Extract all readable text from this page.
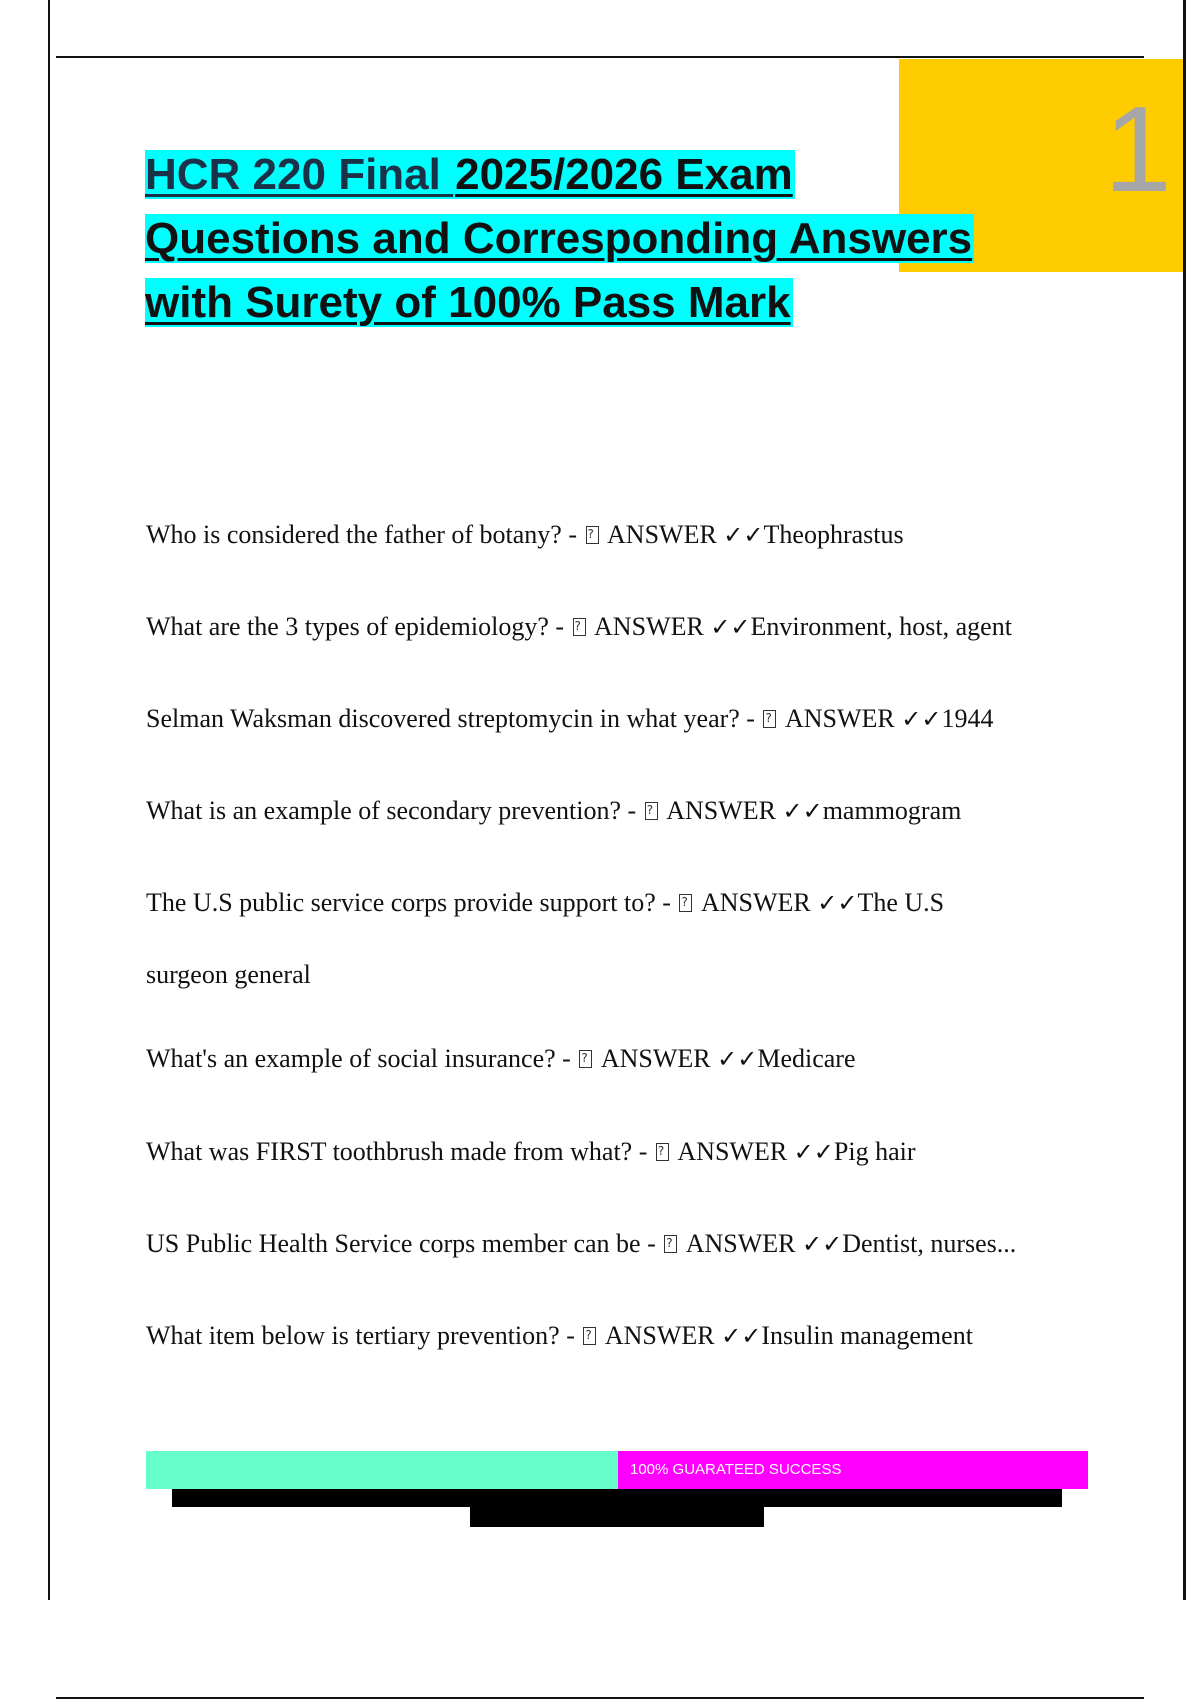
1
HCR 220 Final 2025/2026 Exam
Questions and Corresponding Answers
with Surety of 100% Pass Mark

Who is considered the father of botany? - ? ANSWER ✓✓Theophrastus

What are the 3 types of epidemiology? - ? ANSWER ✓✓Environment, host, agent

Selman Waksman discovered streptomycin in what year? - ? ANSWER ✓✓1944

What is an example of secondary prevention? - ? ANSWER ✓✓mammogram

The U.S public service corps provide support to? - ? ANSWER ✓✓The U.S

surgeon general

What's an example of social insurance? - ? ANSWER ✓✓Medicare

What was FIRST toothbrush made from what? - ? ANSWER ✓✓Pig hair

US Public Health Service corps member can be - ? ANSWER ✓✓Dentist, nurses...

What item below is tertiary prevention? - ? ANSWER ✓✓Insulin management

100% GUARATEED SUCCESS
